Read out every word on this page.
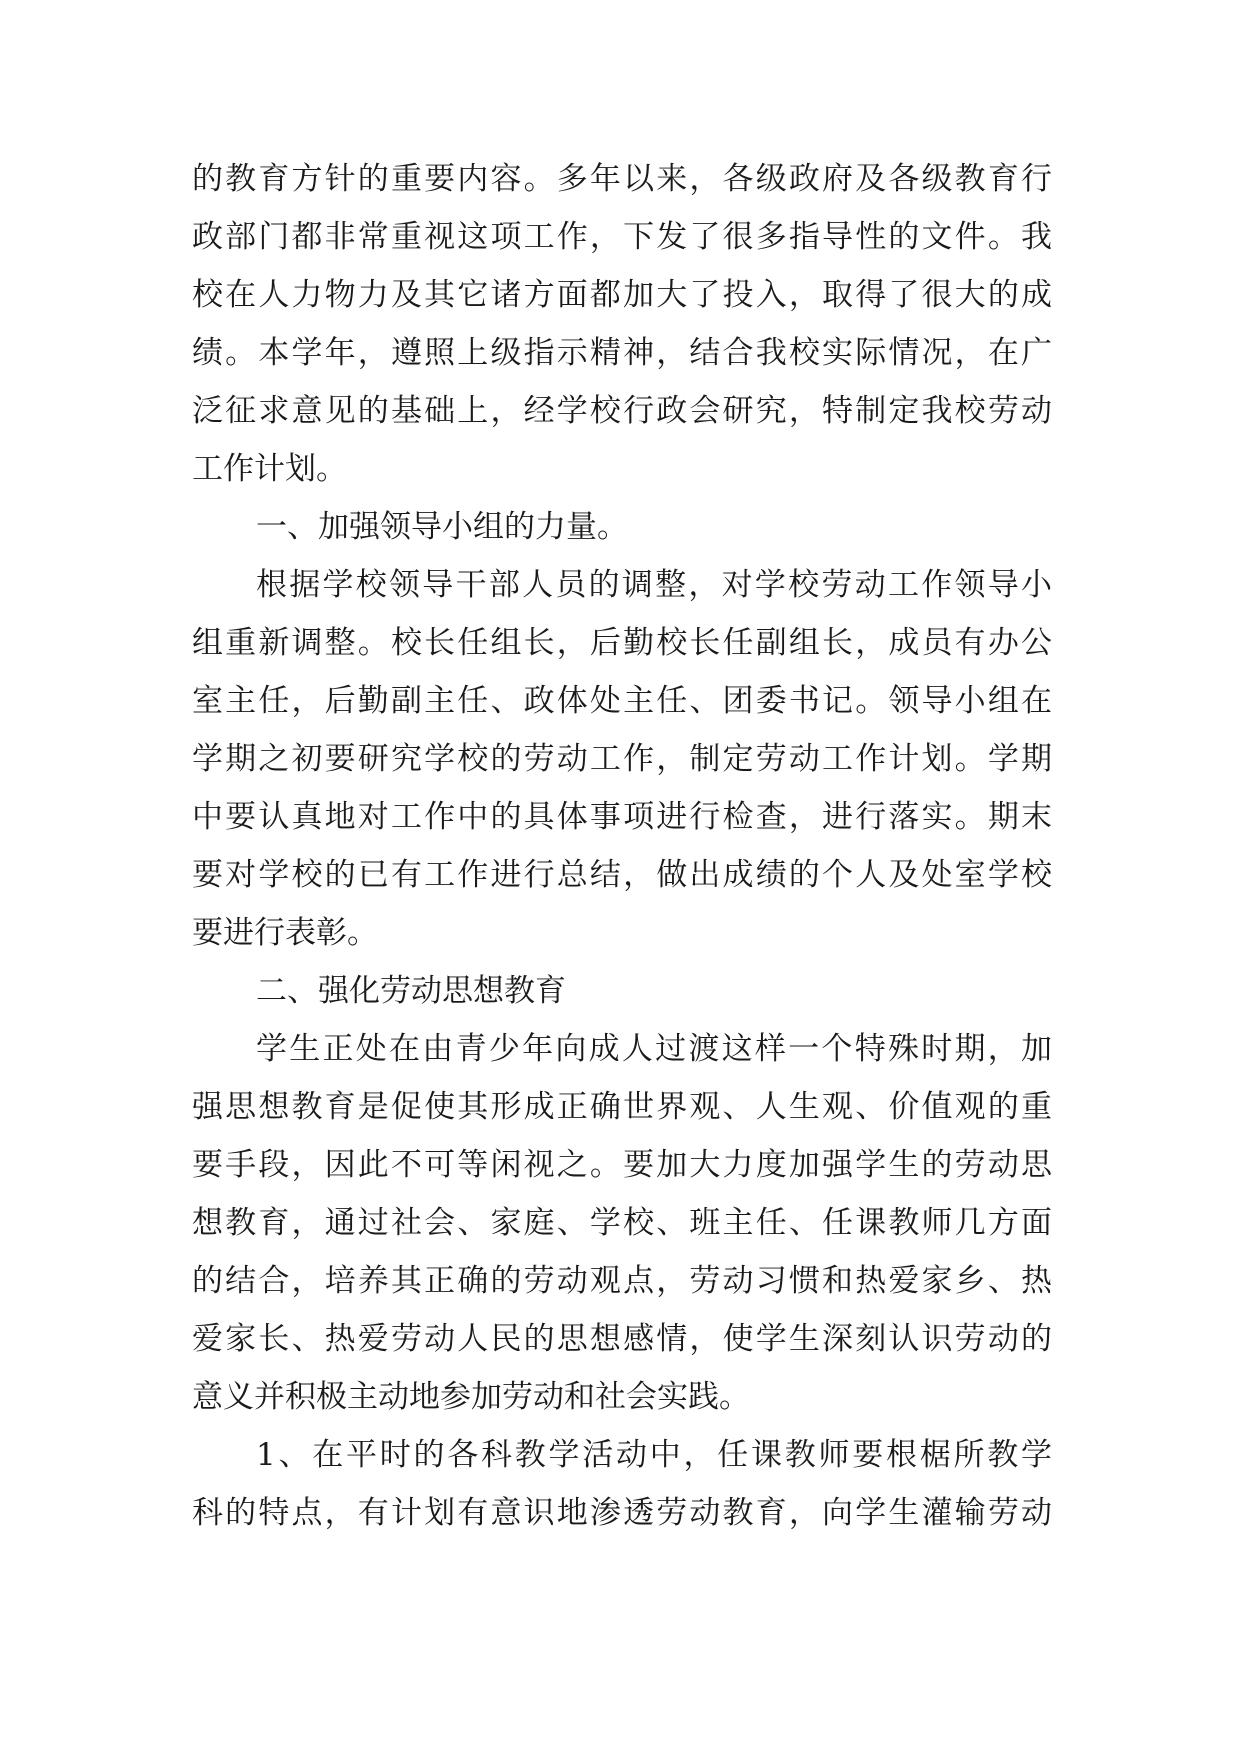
的教育方针的重要内容。多年以来，各级政府及各级教育行
政部门都非常重视这项工作，下发了很多指导性的文件。我
校在人力物力及其它诸方面都加大了投入，取得了很大的成
绩。本学年，遵照上级指示精神，结合我校实际情况，在广
泛征求意见的基础上，经学校行政会研究，特制定我校劳动
工作计划。
一、加强领导小组的力量。
根据学校领导干部人员的调整，对学校劳动工作领导小
组重新调整。校长任组长，后勤校长任副组长，成员有办公
室主任，后勤副主任、政体处主任、团委书记。领导小组在
学期之初要研究学校的劳动工作，制定劳动工作计划。学期
中要认真地对工作中的具体事项进行检查，进行落实。期末
要对学校的已有工作进行总结，做出成绩的个人及处室学校
要进行表彰。
二、强化劳动思想教育
学生正处在由青少年向成人过渡这样一个特殊时期，加
强思想教育是促使其形成正确世界观、人生观、价值观的重
要手段，因此不可等闲视之。要加大力度加强学生的劳动思
想教育，通过社会、家庭、学校、班主任、任课教师几方面
的结合，培养其正确的劳动观点，劳动习惯和热爱家乡、热
爱家长、热爱劳动人民的思想感情，使学生深刻认识劳动的
意义并积极主动地参加劳动和社会实践。
1、在平时的各科教学活动中，任课教师要根椐所教学
科的特点，有计划有意识地渗透劳动教育，向学生灌输劳动
